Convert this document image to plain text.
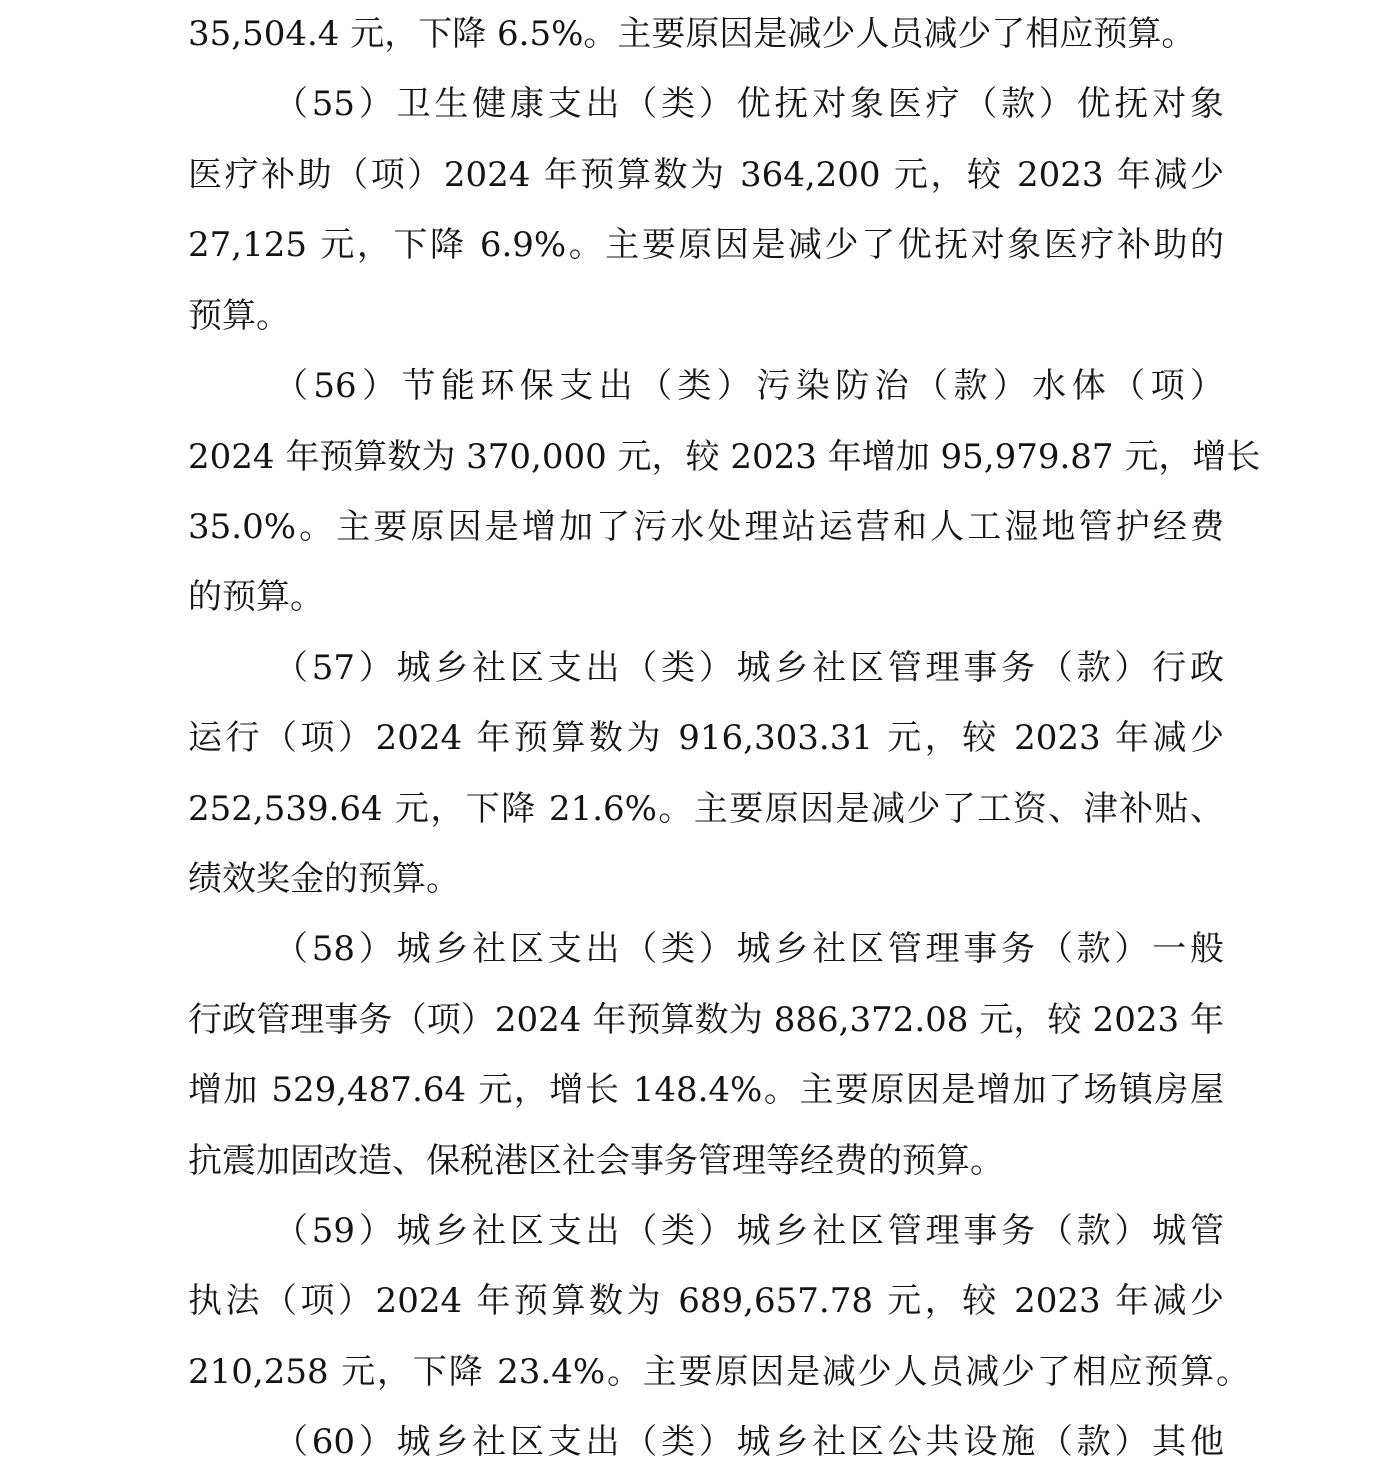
35,504.4 元，下降 6.5%。主要原因是减少人员减少了相应预算。
（55）卫生健康支出（类）优抚对象医疗（款）优抚对象
医疗补助（项）2024 年预算数为 364,200 元，较 2023 年减少
27,125 元，下降 6.9%。主要原因是减少了优抚对象医疗补助的
预算。
（56）节能环保支出（类）污染防治（款）水体（项）
2024 年预算数为 370,000 元，较 2023 年增加 95,979.87 元，增长
35.0%。主要原因是增加了污水处理站运营和人工湿地管护经费
的预算。
（57）城乡社区支出（类）城乡社区管理事务（款）行政
运行（项）2024 年预算数为 916,303.31 元，较 2023 年减少
252,539.64 元，下降 21.6%。主要原因是减少了工资、津补贴、
绩效奖金的预算。
（58）城乡社区支出（类）城乡社区管理事务（款）一般
行政管理事务（项）2024 年预算数为 886,372.08 元，较 2023 年
增加 529,487.64 元，增长 148.4%。主要原因是增加了场镇房屋
抗震加固改造、保税港区社会事务管理等经费的预算。
（59）城乡社区支出（类）城乡社区管理事务（款）城管
执法（项）2024 年预算数为 689,657.78 元，较 2023 年减少
210,258 元，下降 23.4%。主要原因是减少人员减少了相应预算。
（60）城乡社区支出（类）城乡社区公共设施（款）其他
